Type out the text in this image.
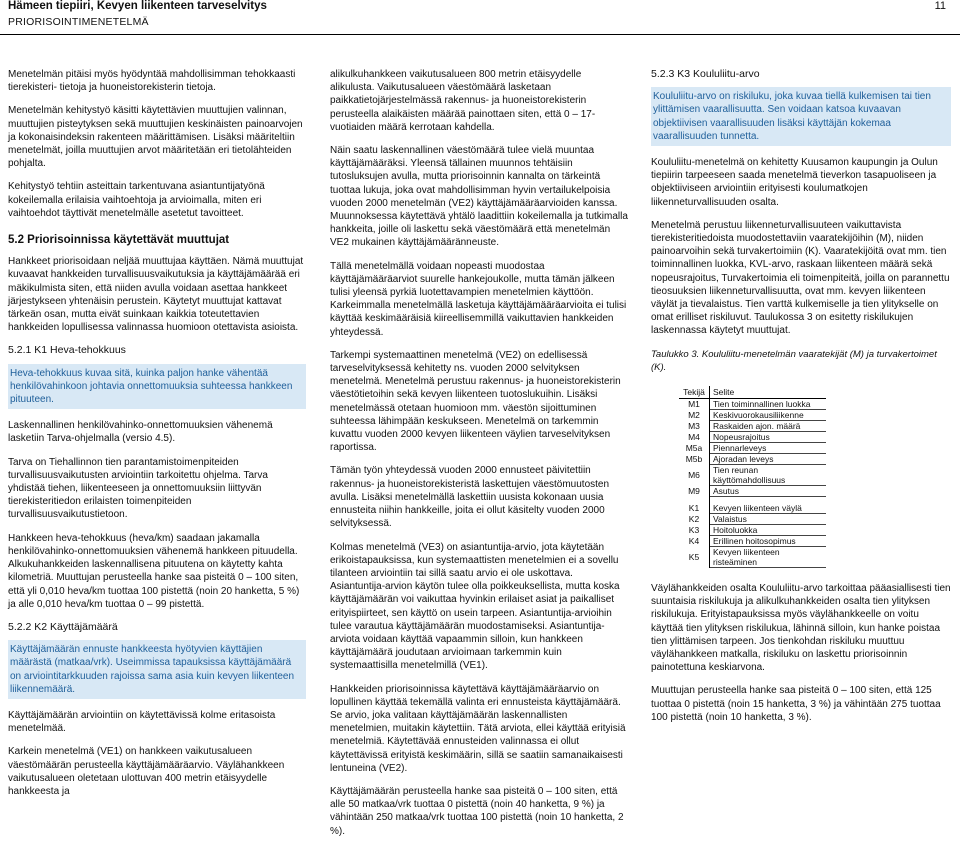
Hämeen tiepiiri, Kevyen liikenteen tarveselvitys
PRIORISOINTIMENETELMÄ
11

Menetelmän pitäisi myös hyödyntää mahdollisimman tehokkaasti tierekisteri- tietoja ja huoneistorekisterin tietoja.

Menetelmän kehitystyö käsitti käytettävien muuttujien valinnan, muuttujien pisteytyksen sekä muuttujien keskinäisten painoarvojen ja kokonaisindeksin rakenteen määrittämisen. Lisäksi määriteltiin menetelmät, joilla muuttujien arvot määritetään eri tietolähteiden pohjalta.

Kehitystyö tehtiin asteittain tarkentuvana asiantuntijatyönä kokeilemalla erilaisia vaihtoehtoja ja arvioimalla, miten eri vaihtoehdot täyttivät menetelmälle asetetut tavoitteet.

5.2 Priorisoinnissa käytettävät muuttujat

Hankkeet priorisoidaan neljää muuttujaa käyttäen. Nämä muuttujat kuvaavat hankkeiden turvallisuusvaikutuksia ja käyttäjämäärää eri mäkikulmista siten, että niiden avulla voidaan asettaa hankkeet järjestykseen yhtenäisin perustein. Käytetyt muuttujat kattavat tärkeän osan, mutta eivät suinkaan kaikkia toteutettavien hankkeiden lopullisessa valinnassa huomioon otettavista asioista.

5.2.1 K1 Heva-tehokkuus

Heva-tehokkuus kuvaa sitä, kuinka paljon hanke vähentää henkilövahinkoon johtavia onnettomuuksia suhteessa hankkeen pituuteen.

Laskennallinen henkilövahinko-onnettomuuksien vähenemä lasketiin Tarva-ohjelmalla (versio 4.5).

Tarva on Tiehallinnon tien parantamistoimenpiteiden turvallisuusvaikutusten arviointiin tarkoitettu ohjelma. Tarva yhdistää tiehen, liikenteeseen ja onnettomuuksiin liittyvän tierekisteritiedon erilaisten toimenpiteiden turvallisuusvaikutustietoon.

Hankkeen heva-tehokkuus (heva/km) saadaan jakamalla henkilövahinko-onnettomuuksien vähenemä hankkeen pituudella. Alkukuhankkeiden laskennallisena pituutena on käytetty kahta kilometriä. Muuttujan perusteella hanke saa pisteitä 0 – 100 siten, että yli 0,010 heva/km tuottaa 100 pistettä (noin 20 hanketta, 5 %) ja alle 0,010 heva/km tuottaa 0 – 99 pistettä.

5.2.2 K2 Käyttäjämäärä

Käyttäjämäärän ennuste hankkeesta hyötyvien käyttäjien määrästä (matkaa/vrk). Useimmissa tapauksissa käyttäjämäärä on arviointitarkkuuden rajoissa sama asia kuin kevyen liikenteen liikennemäärä.

Käyttäjämäärän arviointiin on käytettävissä kolme eritasoista menetelmää.

Karkein menetelmä (VE1) on hankkeen vaikutusalueen väestömäärän perusteella käyttäjämääräarvio. Väylähankkeen vaikutusalueen oletetaan ulottuvan 400 metrin etäisyydelle hankkeesta ja

alikulkuhankkeen vaikutusalueen 800 metrin etäisyydelle alikulusta. Vaikutusalueen väestömäärä lasketaan paikkatietojärjestelmässä rakennus- ja huoneistorekisterin perusteella alaikäisten määrää painottaen siten, että 0 – 17-vuotiaiden määrä kerrotaan kahdella.

Näin saatu laskennallinen väestömäärä tulee vielä muuntaa käyttäjämääräksi. Yleensä tällainen muunnos tehtäisiin tutosluksujen avulla, mutta priorisoinnin kannalta on tärkeintä tuottaa lukuja, joka ovat mahdollisimman hyvin vertailukelpoisia vuoden 2000 menetelmän (VE2) käyttäjämääräarvioiden kanssa. Muunnoksessa käytettävä yhtälö laadittiin kokeilemalla ja tutkimalla hankkeita, joille oli laskettu sekä väestömäärä että menetelmän VE2 mukainen käyttäjämääränneuste.

Tällä menetelmällä voidaan nopeasti muodostaa käyttäjämääräarviot suurelle hankejoukolle, mutta tämän jälkeen tulisi yleensä pyrkiä luotettavampien menetelmien käyttöön. Karkeimmalla menetelmällä lasketuja käyttäjämääräarvioita ei tulisi käyttää keskimääräisiä kiireellisemmillä vaikuttavien hankkeiden yhteydessä.

Tarkempi systemaattinen menetelmä (VE2) on edellisessä tarveselvityksessä kehitetty ns. vuoden 2000 selvityksen menetelmä. Menetelmä perustuu rakennus- ja huoneistorekisterin väestötietoihin sekä kevyen liikenteen tuotoslukuihin. Lisäksi menetelmässä otetaan huomioon mm. väestön sijoittuminen suhteessa lähimpään keskukseen. Menetelmä on tarkemmin kuvattu vuoden 2000 kevyen liikenteen väylien tarveselvityksen raportissa.

Tämän työn yhteydessä vuoden 2000 ennusteet päivitettiin rakennus- ja huoneistorekisteristä laskettujen väestömuutosten avulla. Lisäksi menetelmällä laskettiin uusista kokonaan uusia ennusteita niihin hankkeille, joita ei ollut käsitelty vuoden 2000 selvityksessä.

Kolmas menetelmä (VE3) on asiantuntija-arvio, jota käytetään erikoistapauksissa, kun systemaattisten menetelmien ei a sovellu tilanteen arviointiin tai sillä saatu arvio ei ole uskottava. Asiantuntija-arvion käytön tulee olla poikkeuksellista, mutta koska käyttäjämäärän voi vaikuttaa hyvinkin erilaiset asiat ja paikalliset erityispiirteet, sen käyttö on usein tarpeen. Asiantuntija-arvioihin tulee varautua käyttäjämäärän muodostamiseksi. Asiantuntija-arviota voidaan käyttää vapaammin silloin, kun hankkeen käyttäjämäärä joudutaan arvioimaan tarkemmin kuin systemaattisilla menetelmillä (VE1).

Hankkeiden priorisoinnissa käytettävä käyttäjämääräarvio on lopullinen käyttää tekemällä valinta eri ennusteista käyttäjämäärä. Se arvio, joka valitaan käyttäjämäärän laskennallisten menetelmien, muitakin käytettiin. Tätä arviota, ellei käyttää erityisiä menetelmiä. Käytettävää ennusteiden valinnassa ei ollut käytettävissä erityistä keskimäärin, sillä se saatiin samanaikaisesti lentuneina (VE2).

Käyttäjämäärän perusteella hanke saa pisteitä 0 – 100 siten, että alle 50 matkaa/vrk tuottaa 0 pistettä (noin 40 hanketta, 9 %) ja vähintään 250 matkaa/vrk tuottaa 100 pistettä (noin 10 hanketta, 2 %).

5.2.3 K3 Koululiitu-arvo

Koululiitu-arvo on riskiluku, joka kuvaa tiellä kulkemisen tai tien ylittämisen vaarallisuutta. Sen voidaan katsoa kuvaavan objektiivisen vaarallisuuden lisäksi käyttäjän kokemaa vaarallisuuden tunnetta.

Koululiitu-menetelmä on kehitetty Kuusamon kaupungin ja Oulun tiepiirin tarpeeseen saada menetelmä tieverkon tasapuoliseen ja objektiiviseen arviointiin erityisesti koulumatkojen liikenneturvallisuuden osalta.

Menetelmä perustuu liikenneturvallisuuteen vaikuttavista tierekisteritiedoista muodostettaviin vaaratekijöihin (M), niiden painoarvoihin sekä turvakertoimiin (K). Vaaratekijöitä ovat mm. tien toiminnallinen luokka, KVL-arvo, raskaan liikenteen määrä sekä nopeusrajoitus, Turvakertoimia eli toimenpiteitä, joilla on parannettu tieosuuksien liikenneturvallisuutta, ovat mm. kevyen liikenteen väylät ja tievalaistus. Tien varttä kulkemiselle ja tien ylitykselle on omat erilliset riskiluvut. Taulukossa 3 on esitetty riskilukujen laskennassa käytetyt muuttujat.

Taulukko 3. Koululiitu-menetelmän vaaratekijät (M) ja turvakertoimet (K).
Tekijä	Selite
M1	Tien toiminnallinen luokka
M2	Keskivuorokausiliikenne
M3	Raskaiden ajon. määrä
M4	Nopeusrajoitus
M5a	Piennarleveys
M5b	Ajoradan leveys
M6	Tien reunan käyttömahdollisuus
M9	Asutus

K1	Kevyen liikenteen väylä
K2	Valaistus
K3	Hoitoluokka
K4	Erillinen hoitosopimus
K5	Kevyen liikenteen risteäminen

Väylähankkeiden osalta Koululiitu-arvo tarkoittaa pääasiallisesti tien suuntaisia riskilukuja ja alikulkuhankkeiden osalta tien ylityksen riskilukuja. Erityistapauksissa myös väylähankkeelle on voitu käyttää tien ylityksen riskilukua, lähinnä silloin, kun hanke poistaa tien ylittämisen tarpeen. Jos tienkohdan riskiluku muuttuu väylähankkeen matkalla, riskiluku on laskettu priorisoinnin painotettuna keskiarvona.

Muuttujan perusteella hanke saa pisteitä 0 – 100 siten, että 125 tuottaa 0 pistettä (noin 15 hanketta, 3 %) ja vähintään 275 tuottaa 100 pistettä (noin 10 hanketta, 3 %).
